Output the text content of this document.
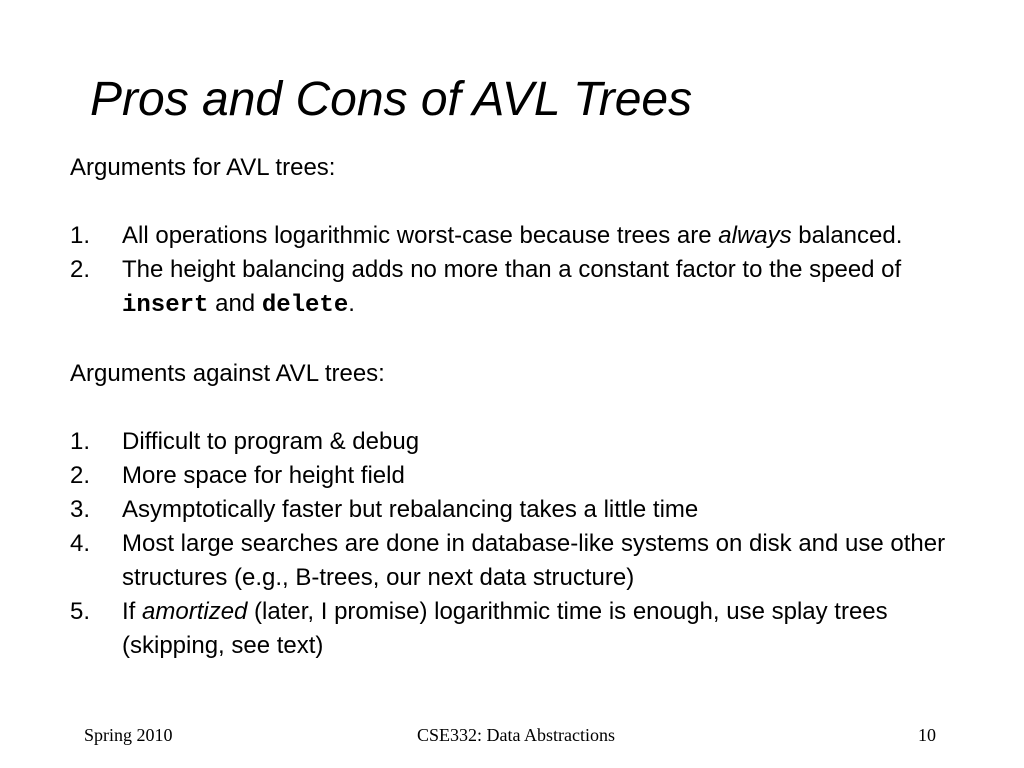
Pros and Cons of AVL Trees

Arguments for AVL trees:

1. All operations logarithmic worst-case because trees are always balanced.
2. The height balancing adds no more than a constant factor to the speed of insert and delete.

Arguments against AVL trees:

1. Difficult to program & debug
2. More space for height field
3. Asymptotically faster but rebalancing takes a little time
4. Most large searches are done in database-like systems on disk and use other structures (e.g., B-trees, our next data structure)
5. If amortized (later, I promise) logarithmic time is enough, use splay trees (skipping, see text)
Spring 2010	CSE332: Data Abstractions	10
